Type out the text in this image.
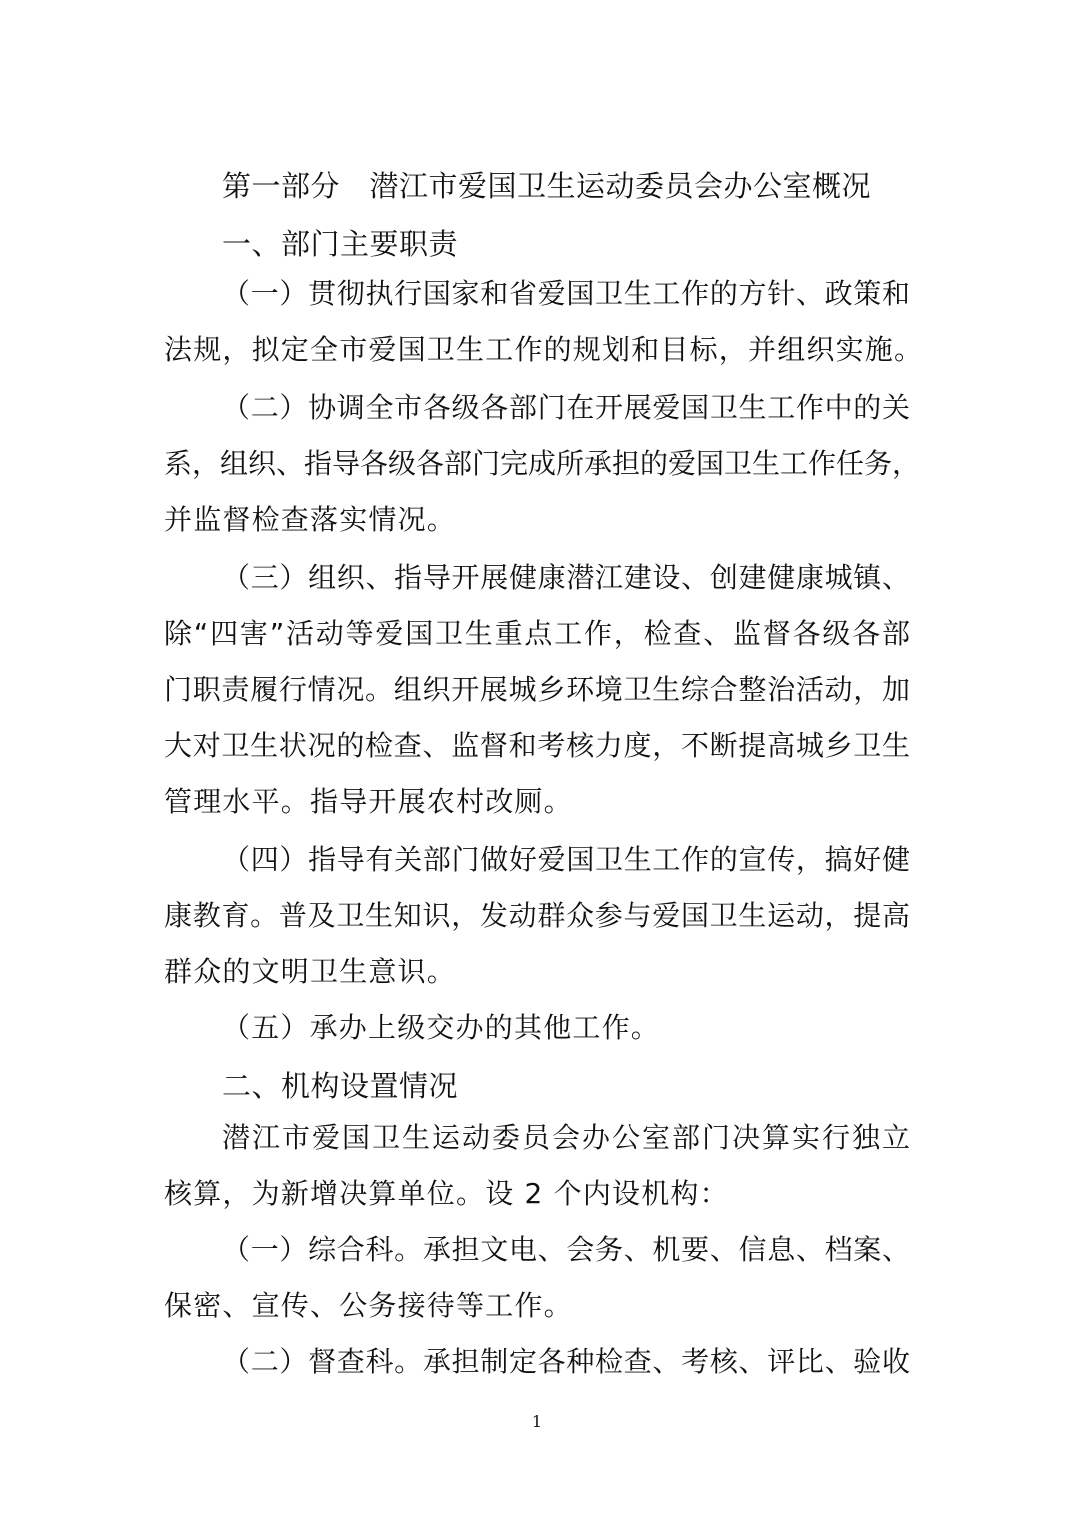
第一部分　潜江市爱国卫生运动委员会办公室概况
一、部门主要职责
（一）贯彻执行国家和省爱国卫生工作的方针、政策和
法规，拟定全市爱国卫生工作的规划和目标，并组织实施。
（二）协调全市各级各部门在开展爱国卫生工作中的关
系，组织、指导各级各部门完成所承担的爱国卫生工作任务，
并监督检查落实情况。
（三）组织、指导开展健康潜江建设、创建健康城镇、
除“四害”活动等爱国卫生重点工作，检查、监督各级各部
门职责履行情况。组织开展城乡环境卫生综合整治活动，加
大对卫生状况的检查、监督和考核力度，不断提高城乡卫生
管理水平。指导开展农村改厕。
（四）指导有关部门做好爱国卫生工作的宣传，搞好健
康教育。普及卫生知识，发动群众参与爱国卫生运动，提高
群众的文明卫生意识。
（五）承办上级交办的其他工作。
二、机构设置情况
潜江市爱国卫生运动委员会办公室部门决算实行独立
核算，为新增决算单位。设 2 个内设机构：
（一）综合科。承担文电、会务、机要、信息、档案、
保密、宣传、公务接待等工作。
（二）督查科。承担制定各种检查、考核、评比、验收
1
